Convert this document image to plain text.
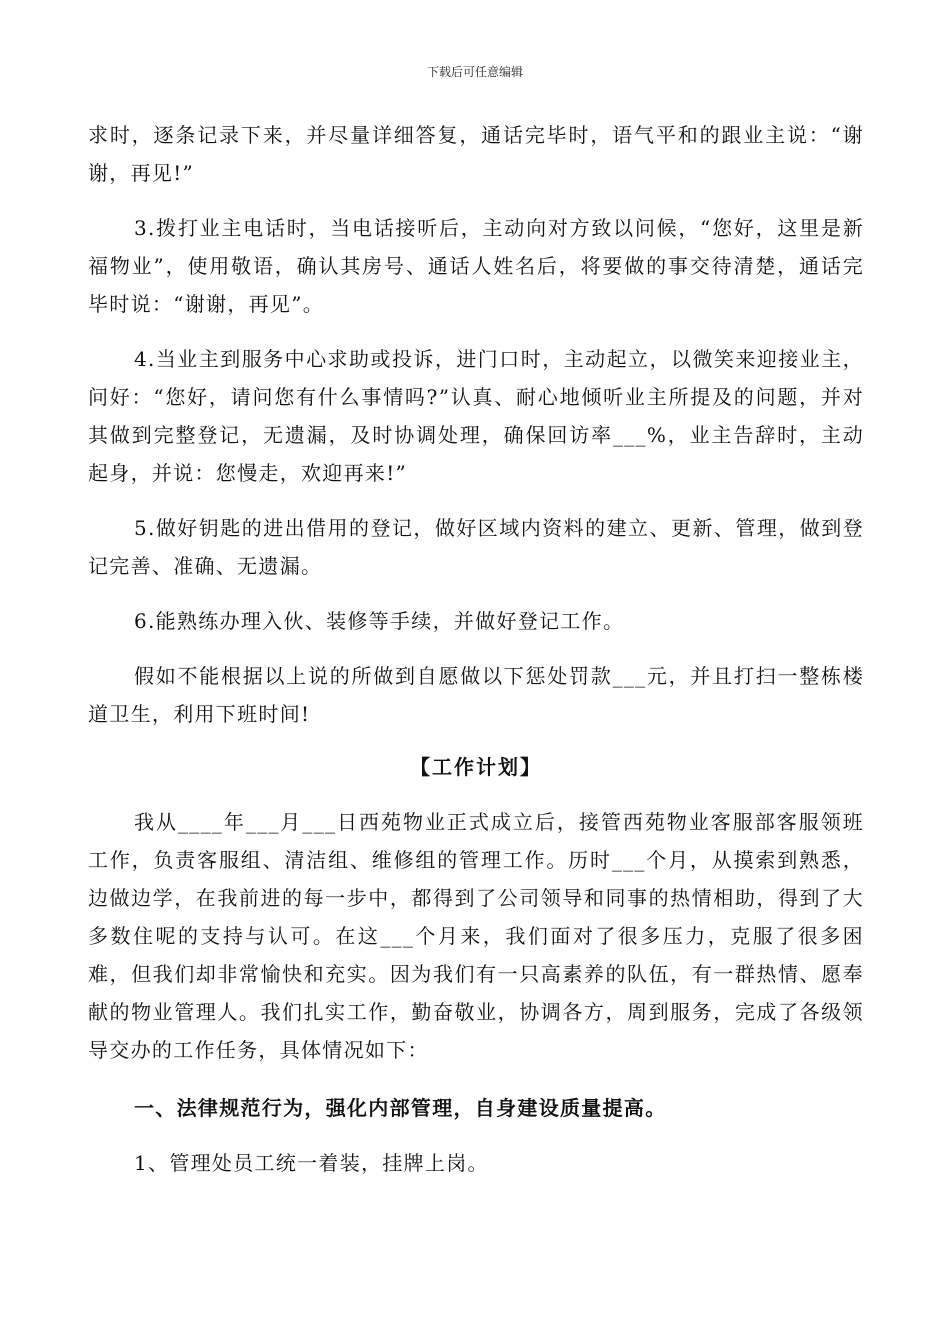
下载后可任意编辑

求时，逐条记录下来，并尽量详细答复，通话完毕时，语气平和的跟业主说：“谢谢，再见!”

3.拨打业主电话时，当电话接听后，主动向对方致以问候，“您好，这里是新福物业”，使用敬语，确认其房号、通话人姓名后，将要做的事交待清楚，通话完毕时说：“谢谢，再见”。

4.当业主到服务中心求助或投诉，进门口时，主动起立，以微笑来迎接业主，问好：“您好，请问您有什么事情吗?”认真、耐心地倾听业主所提及的问题，并对其做到完整登记，无遗漏，及时协调处理，确保回访率___%，业主告辞时，主动起身，并说：您慢走，欢迎再来!”

5.做好钥匙的进出借用的登记，做好区域内资料的建立、更新、管理，做到登记完善、准确、无遗漏。

6.能熟练办理入伙、装修等手续，并做好登记工作。

假如不能根据以上说的所做到自愿做以下惩处罚款___元，并且打扫一整栋楼道卫生，利用下班时间!

【工作计划】

我从____年___月___日西苑物业正式成立后，接管西苑物业客服部客服领班工作，负责客服组、清洁组、维修组的管理工作。历时___个月，从摸索到熟悉，边做边学，在我前进的每一步中，都得到了公司领导和同事的热情相助，得到了大多数住呢的支持与认可。在这___个月来，我们面对了很多压力，克服了很多困难，但我们却非常愉快和充实。因为我们有一只高素养的队伍，有一群热情、愿奉献的物业管理人。我们扎实工作，勤奋敬业，协调各方，周到服务，完成了各级领导交办的工作任务，具体情况如下：

一、法律规范行为，强化内部管理，自身建设质量提高。

1、管理处员工统一着装，挂牌上岗。
